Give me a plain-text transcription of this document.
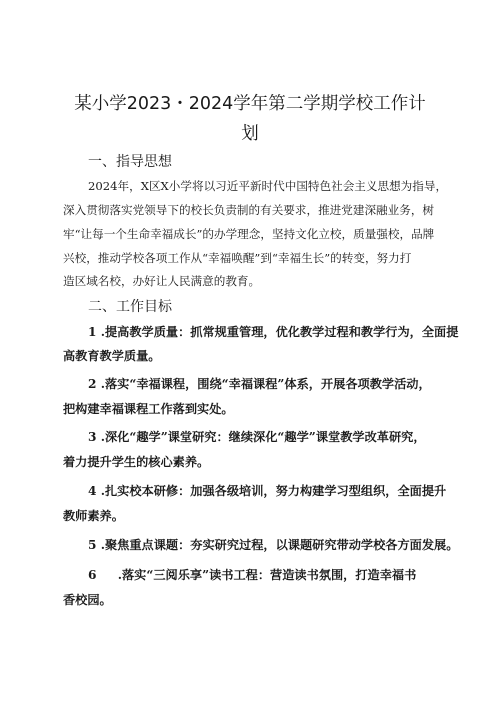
某小学2023・2024学年第二学期学校工作计
划
一、指导思想
2024年，X区X小学将以习近平新时代中国特色社会主义思想为指导，
深入贯彻落实党领导下的校长负责制的有关要求，推进党建深融业务，树
牢“让每一个生命幸福成长”的办学理念，坚持文化立校，质量强校，品牌
兴校，推动学校各项工作从“幸福唤醒”到“幸福生长”的转变，努力打
造区域名校，办好让人民满意的教育。
二、工作目标
1 .提高教学质量：抓常规重管理，优化教学过程和教学行为，全面提
高教育教学质量。
2 .落实“幸福课程，围绕“幸福课程”体系，开展各项教学活动，
把构建幸福课程工作落到实处。
3 .深化“趣学”课堂研究：继续深化“趣学”课堂教学改革研究，
着力提升学生的核心素养。
4 .扎实校本研修：加强各级培训，努力构建学习型组织，全面提升
教师素养。
5 .聚焦重点课题：夯实研究过程，以课题研究带动学校各方面发展。
6     .落实“三阅乐享”读书工程：营造读书氛围，打造幸福书
香校园。
